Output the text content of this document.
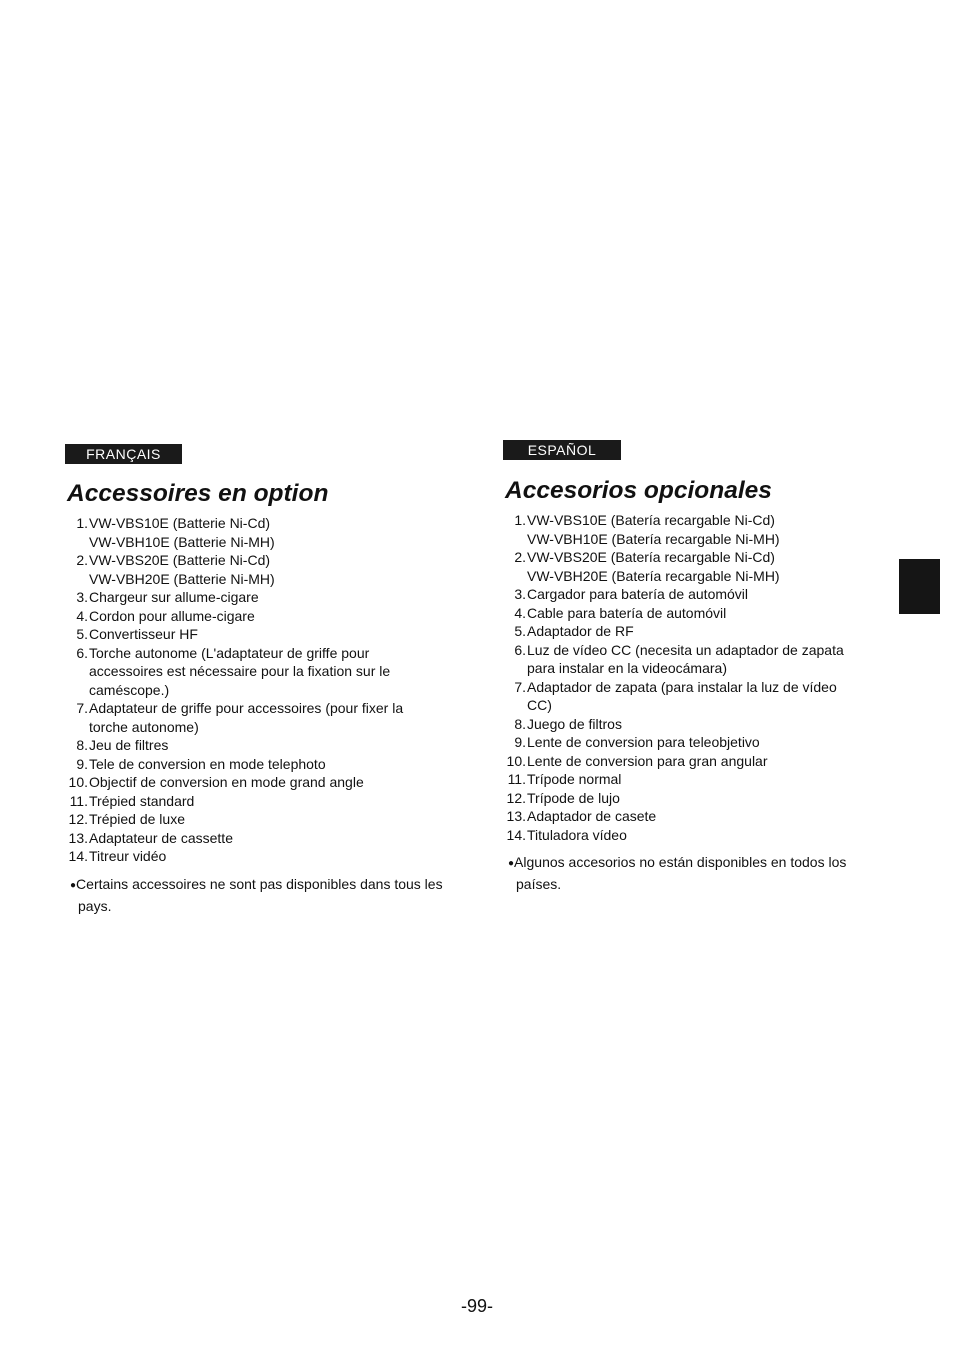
FRANÇAIS
Accessoires en option
1. VW-VBS10E (Batterie Ni-Cd)
VW-VBH10E (Batterie Ni-MH)
2. VW-VBS20E (Batterie Ni-Cd)
VW-VBH20E (Batterie Ni-MH)
3. Chargeur sur allume-cigare
4. Cordon pour allume-cigare
5. Convertisseur HF
6. Torche autonome (L'adaptateur de griffe pour
accessoires est nécessaire pour la fixation sur le
caméscope.)
7. Adaptateur de griffe pour accessoires (pour fixer la
torche autonome)
8. Jeu de filtres
9. Tele de conversion en mode telephoto
10. Objectif de conversion en mode grand angle
11. Trépied standard
12. Trépied de luxe
13. Adaptateur de cassette
14. Titreur vidéo
●Certains accessoires ne sont pas disponibles dans tous les pays.
ESPAÑOL
Accesorios opcionales
1. VW-VBS10E (Batería recargable Ni-Cd)
VW-VBH10E (Batería recargable Ni-MH)
2. VW-VBS20E (Batería recargable Ni-Cd)
VW-VBH20E (Batería recargable Ni-MH)
3. Cargador para batería de automóvil
4. Cable para batería de automóvil
5. Adaptador de RF
6. Luz de vídeo CC (necesita un adaptador de zapata
para instalar en la videocámara)
7. Adaptador de zapata (para instalar la luz de vídeo
CC)
8. Juego de filtros
9. Lente de conversion para teleobjetivo
10. Lente de conversion para gran angular
11. Trípode normal
12. Trípode de lujo
13. Adaptador de casete
14. Tituladora vídeo
●Algunos accesorios no están disponibles en todos los países.
-99-
